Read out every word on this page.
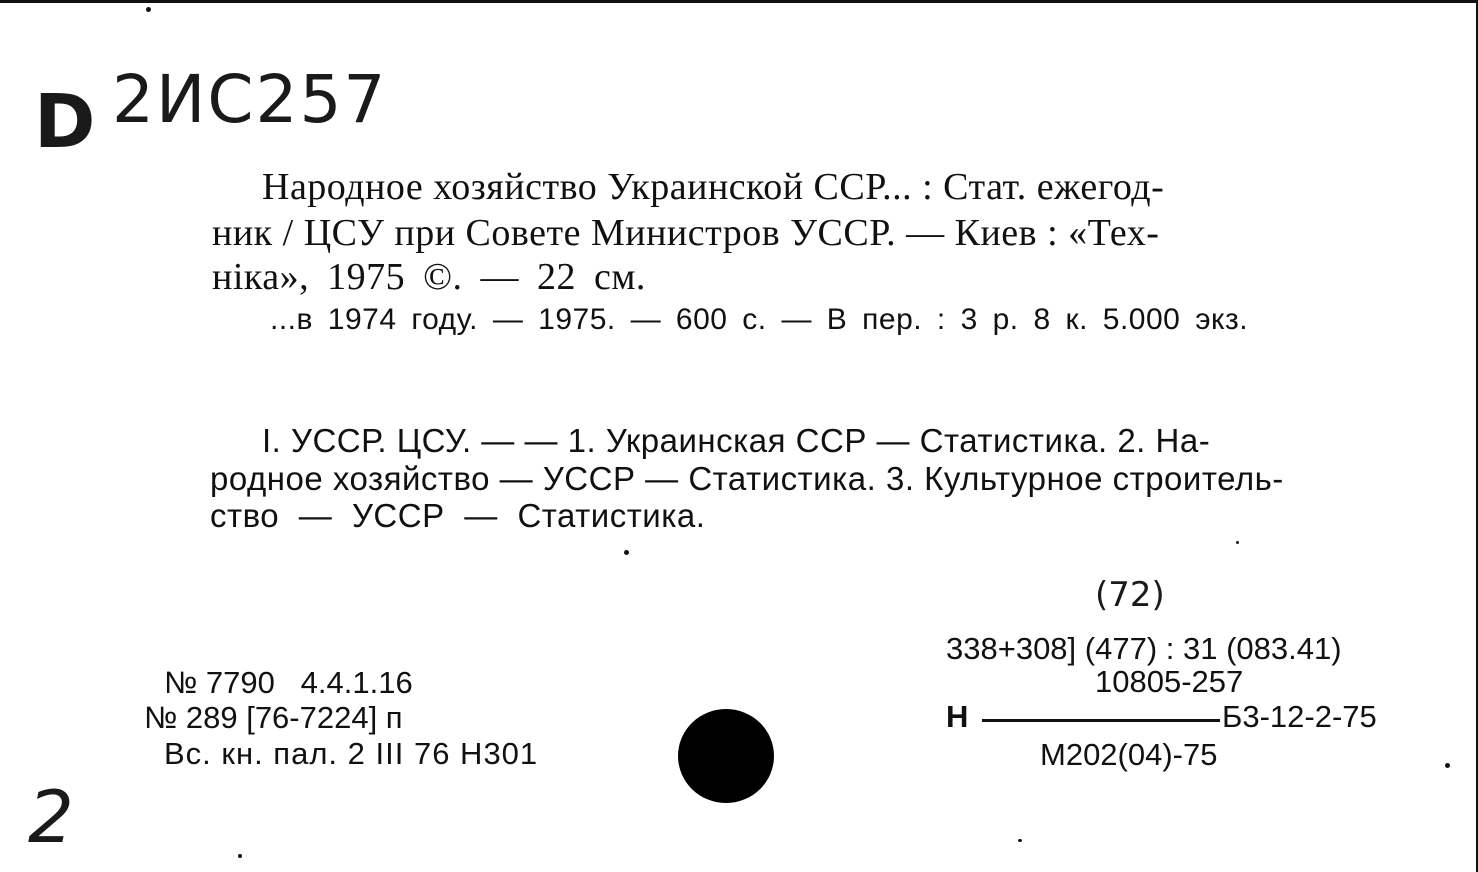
D 2ИС257
Народное хозяйство Украинской ССР... : Стат. ежегод-
ник / ЦСУ при Совете Министров УССР. — Киев : «Тех-
ніка», 1975 ©. — 22 см.
...в 1974 году. — 1975. — 600 с. — В пер. : 3 р. 8 к. 5.000 экз.
I. УССР. ЦСУ. — — 1. Украинская ССР — Статистика. 2. На-
родное хозяйство — УССР — Статистика. 3. Культурное строитель-
ство — УССР — Статистика.
(72)
338+308] (477) : 31 (083.41)
10805-257
Н	Б3-12-2-75
М202(04)-75
№ 7790   4.4.1.16
№ 289 [76-7224] п
Вс. кн. пал. 2 III 76 Н301
2
